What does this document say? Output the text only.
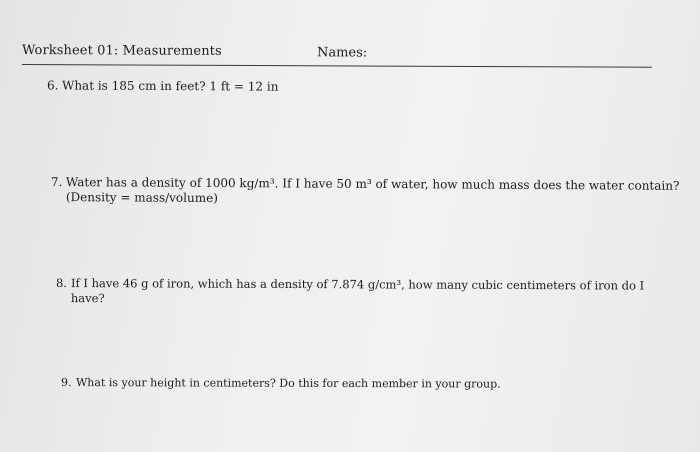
Worksheet 01: Measurements	Names:
6. What is 185 cm in feet? 1 ft = 12 in
7. Water has a density of 1000 kg/m³. If I have 50 m³ of water, how much mass does the water contain?
(Density = mass/volume)
8. If I have 46 g of iron, which has a density of 7.874 g/cm³, how many cubic centimeters of iron do I
have?
9. What is your height in centimeters? Do this for each member in your group.
